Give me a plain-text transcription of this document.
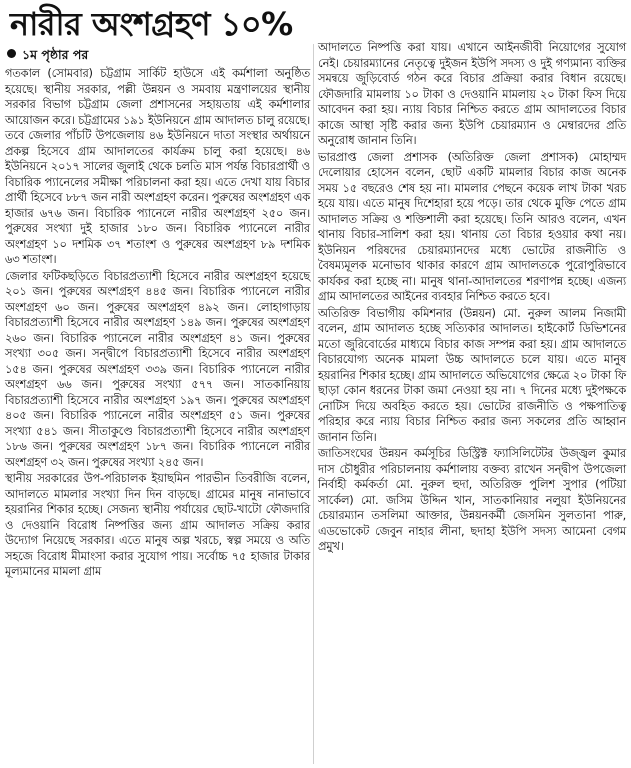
নারীর অংশগ্রহণ ১০%
১ম পৃষ্ঠার পর

গতকাল (সোমবার) চট্টগ্রাম সার্কিট হাউসে এই কর্মশালা অনুষ্ঠিত হয়েছে। স্থানীয় সরকার, পল্লী উন্নয়ন ও সমবায় মন্ত্রণালয়ের স্থানীয় সরকার বিভাগ চট্টগ্রাম জেলা প্রশাসনের সহায়তায় এই কর্মশালার আয়োজন করে। চট্টগ্রামের ১৯১ ইউনিয়নে গ্রাম আদালত চালু রয়েছে। তবে জেলার পাঁচটি উপজেলায় ৪৬ ইউনিয়নে দাতা সংস্থার অর্থায়নে প্রকল্প হিসেবে গ্রাম আদালতের কার্যক্রম চালু করা হয়েছে। ৪৬ ইউনিয়নে ২০১৭ সালের জুলাই থেকে চলতি মাস পর্যন্ত বিচারপ্রার্থী ও বিচারিক প্যানেলের সমীক্ষা পরিচালনা করা হয়। এতে দেখা যায় বিচার প্রার্থী হিসেবে ৮৮৭ জন নারী অংশগ্রহণ করেন। পুরুষের অংশগ্রহণ এক হাজার ৬৭৬ জন। বিচারিক প্যানেলে নারীর অংশগ্রহণ ২৫০ জন। পুরুষের সংখ্যা দুই হাজার ১৮০ জন। বিচারিক প্যানেলে নারীর অংশগ্রহণ ১০ দশমিক ৩৭ শতাংশ ও পুরুষের অংশগ্রহণ ৮৯ দশমিক ৬৩ শতাংশ।

জেলার ফটিকছড়িতে বিচারপ্রত্যাশী হিসেবে নারীর অংশগ্রহণ হয়েছে ২০১ জন। পুরুষের অংশগ্রহণ ৪৪৫ জন। বিচারিক প্যানেলে নারীর অংশগ্রহণ ৬০ জন। পুরুষের অংশগ্রহণ ৪৯২ জন। লোহাগাড়ায় বিচারপ্রত্যাশী হিসেবে নারীর অংশগ্রহণ ১৪৯ জন। পুরুষের অংশগ্রহণ ২৬০ জন। বিচারিক প্যানেলে নারীর অংশগ্রহণ ৪১ জন। পুরুষের সংখ্যা ৩০৫ জন। সন্দ্বীপে বিচারপ্রত্যাশী হিসেবে নারীর অংশগ্রহণ ১৫৪ জন। পুরুষের অংশগ্রহণ ৩৩৯ জন। বিচারিক প্যানেলে নারীর অংশগ্রহণ ৬৬ জন। পুরুষের সংখ্যা ৫৭৭ জন। সাতকানিয়ায় বিচারপ্রত্যাশী হিসেবে নারীর অংশগ্রহণ ১৯৭ জন। পুরুষের অংশগ্রহণ ৪০৫ জন। বিচারিক প্যানেলে নারীর অংশগ্রহণ ৫১ জন। পুরুষের সংখ্যা ৫৪১ জন। সীতাকুণ্ডে বিচারপ্রত্যাশী হিসেবে নারীর অংশগ্রহণ ১৮৬ জন। পুরুষের অংশগ্রহণ ১৮৭ জন। বিচারিক প্যানেলে নারীর অংশগ্রহণ ৩২ জন। পুরুষের সংখ্যা ২৪৫ জন।

স্থানীয় সরকারের উপ-পরিচালক ইয়াছমিন পারভীন তিবরীজি বলেন, আদালতে মামলার সংখ্যা দিন দিন বাড়ছে। গ্রামের মানুষ নানাভাবে হয়রানির শিকার হচ্ছে। সেজন্য স্থানীয় পর্যায়ের ছোট-খাটো ফৌজদারি ও দেওয়ানি বিরোধ নিষ্পত্তির জন্য গ্রাম আদালত সক্রিয় করার উদ্যোগ নিয়েছে সরকার। এতে মানুষ অল্প খরচে, স্বল্প সময়ে ও অতি সহজে বিরোধ মীমাংসা করার সুযোগ পায়। সর্বোচ্চ ৭৫ হাজার টাকার মূল্যমানের মামলা গ্রাম

আদালতে নিষ্পত্তি করা যায়। এখানে আইনজীবী নিয়োগের সুযোগ নেই। চেয়ারম্যানের নেতৃত্বে দুইজন ইউপি সদস্য ও দুই গণ্যমান্য ব্যক্তির সমন্বয়ে জুড়িবোর্ড গঠন করে বিচার প্রক্রিয়া করার বিধান রয়েছে। ফৌজদারি মামলায় ১০ টাকা ও দেওয়ানি মামলায় ২০ টাকা ফিস দিয়ে আবেদন করা হয়। ন্যায় বিচার নিশ্চিত করতে গ্রাম আদালতের বিচার কাজে আস্থা সৃষ্টি করার জন্য ইউপি চেয়ারম্যান ও মেম্বারদের প্রতি অনুরোধ জানান তিনি।

ভারপ্রাপ্ত জেলা প্রশাসক (অতিরিক্ত জেলা প্রশাসক) মোহাম্মদ দেলোয়ার হোসেন বলেন, ছোট একটি মামলার বিচার কাজ অনেক সময় ১৫ বছরেও শেষ হয় না। মামলার পেছনে কয়েক লাখ টাকা খরচ হয়ে যায়। এতে মানুষ দিশেহারা হয়ে পড়ে। তার থেকে মুক্তি পেতে গ্রাম আদালত সক্রিয় ও শক্তিশালী করা হয়েছে। তিনি আরও বলেন, এখন থানায় বিচার-সালিশ করা হয়। থানায় তো বিচার হওয়ার কথা নয়। ইউনিয়ন পরিষদের চেয়ারম্যানদের মধ্যে ভোটের রাজনীতি ও বৈষম্যমূলক মনোভাব থাকার কারণে গ্রাম আদালতকে পুরোপুরিভাবে কার্যকর করা হচ্ছে না। মানুষ থানা-আদালতের শরণাপন্ন হচ্ছে। এজন্য গ্রাম আদালতের আইনের ব্যবহার নিশ্চিত করতে হবে।

অতিরিক্ত বিভাগীয় কমিশনার (উন্নয়ন) মো. নুরুল আলম নিজামী বলেন, গ্রাম আদালত হচ্ছে সত্যিকার আদালত। হাইকোর্ট ডিভিশনের মতো জুরিবোর্ডের মাধ্যমে বিচার কাজ সম্পন্ন করা হয়। গ্রাম আদালতে বিচারযোগ্য অনেক মামলা উচ্চ আদালতে চলে যায়। এতে মানুষ হয়রানির শিকার হচ্ছে। গ্রাম আদালতে অভিযোগের ক্ষেত্রে ২০ টাকা ফি ছাড়া কোন ধরনের টাকা জমা নেওয়া হয় না। ৭ দিনের মধ্যে দুইপক্ষকে নোটিস দিয়ে অবহিত করতে হয়। ভোটের রাজনীতি ও পক্ষপাতিত্ব পরিহার করে ন্যায় বিচার নিশ্চিত করার জন্য সকলের প্রতি আহ্বান জানান তিনি।

জাতিসংঘের উন্নয়ন কর্মসূচির ডিস্ট্রিক্ট ফ্যাসিলিটেটর উজ্জ্বল কুমার দাস চৌধুরীর পরিচালনায় কর্মশালায় বক্তব্য রাখেন সন্দ্বীপ উপজেলা নির্বাহী কর্মকর্তা মো. নুরুল হুদা, অতিরিক্ত পুলিশ সুপার (পটিয়া সার্কেল) মো. জসিম উদ্দিন খান, সাতকানিয়ার নলুয়া ইউনিয়নের চেয়ারম্যান তসলিমা আক্তার, উন্নয়নকর্মী জেসমিন সুলতানা পারু, এডভোকেট জেবুন নাহার লীনা, ছদাহা ইউপি সদস্য আমেনা বেগম প্রমুখ।
